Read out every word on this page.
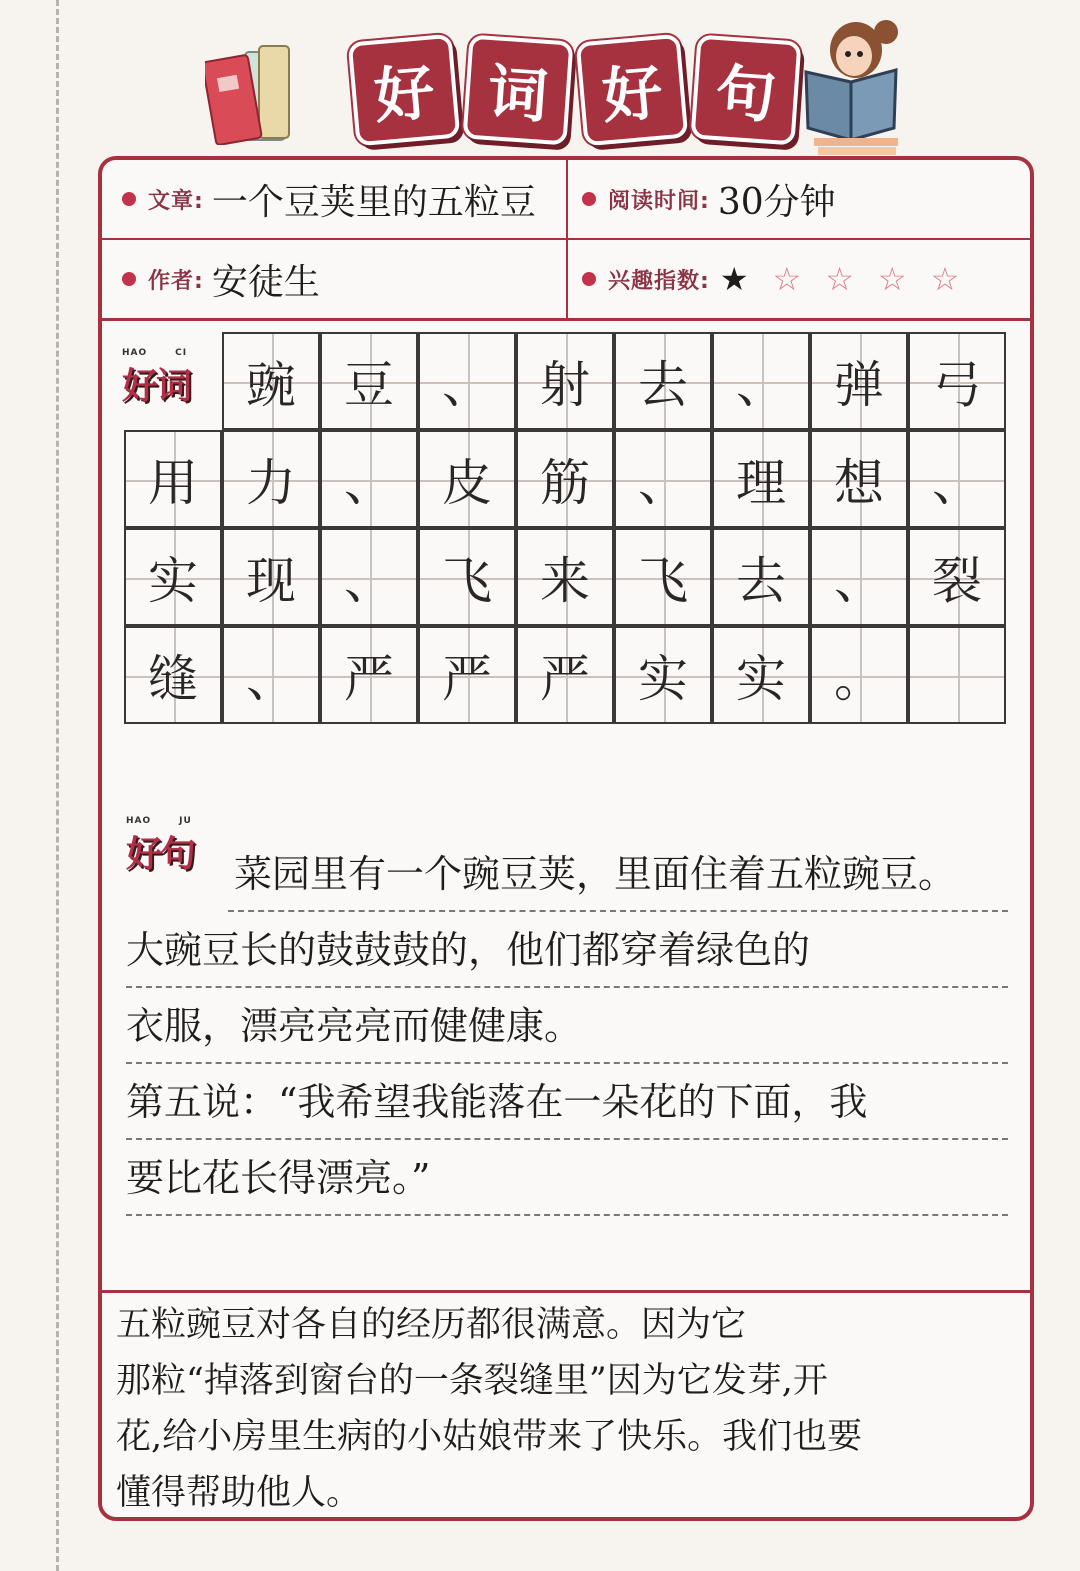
好 词 好 句
文章: 一个豆荚里的五粒豆	阅读时间: 30分钟
作者: 安徒生	兴趣指数: ★ ☆ ☆ ☆ ☆
HAO	CI
好词 豌 豆 、 射 去 、 弹 弓
用 力 、 皮 筋 、 理 想 、
实 现 、 飞 来 飞 去 、 裂
缝 、 严 严 严 实 实 。
HAO	JU
好句 菜园里有一个豌豆荚，里面住着五粒豌豆。
大豌豆长的鼓鼓鼓的，他们都穿着绿色的
衣服，漂亮亮亮而健健康。
第五说：“我希望我能落在一朵花的下面，我
要比花长得漂亮。”
五粒豌豆对各自的经历都很满意。因为它
那粒“掉落到窗台的一条裂缝里”因为它发芽,开
花,给小房里生病的小姑娘带来了快乐。我们也要
懂得帮助他人。
